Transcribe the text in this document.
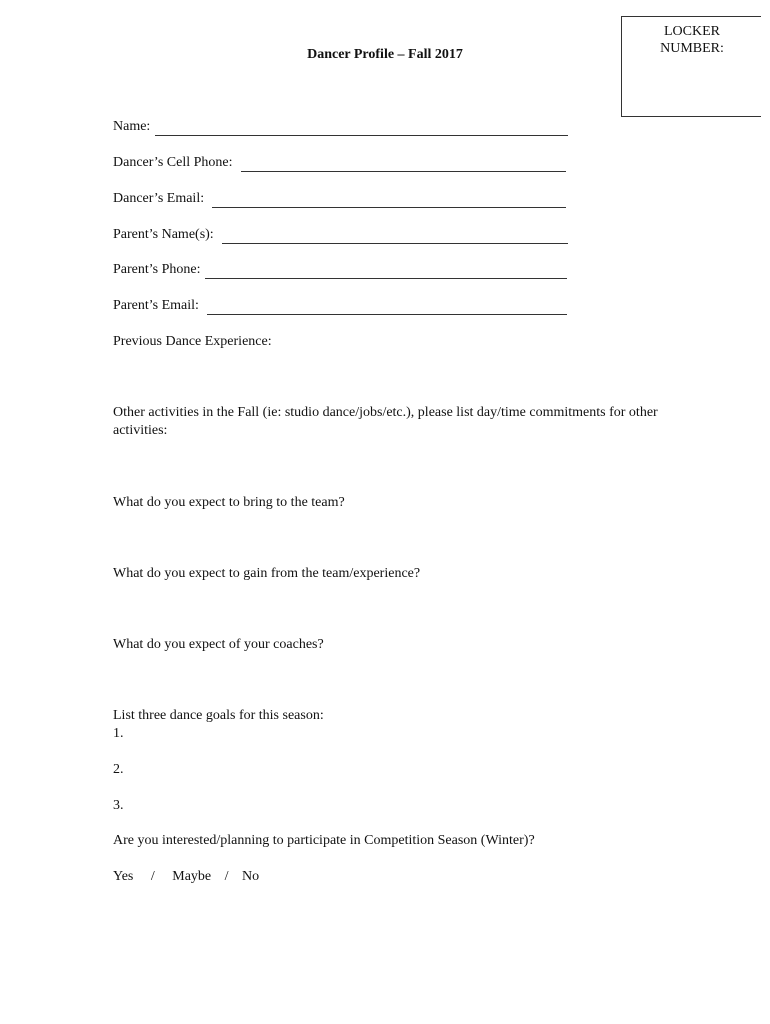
Dancer Profile – Fall 2017
LOCKER
NUMBER:
Name:
Dancer’s Cell Phone:
Dancer’s Email:
Parent’s Name(s):
Parent’s Phone:
Parent’s Email:
Previous Dance Experience:
Other activities in the Fall (ie: studio dance/jobs/etc.), please list day/time commitments for other activities:
What do you expect to bring to the team?
What do you expect to gain from the team/experience?
What do you expect of your coaches?
List three dance goals for this season:
1.
2.
3.
Are you interested/planning to participate in Competition Season (Winter)?
Yes / Maybe / No
